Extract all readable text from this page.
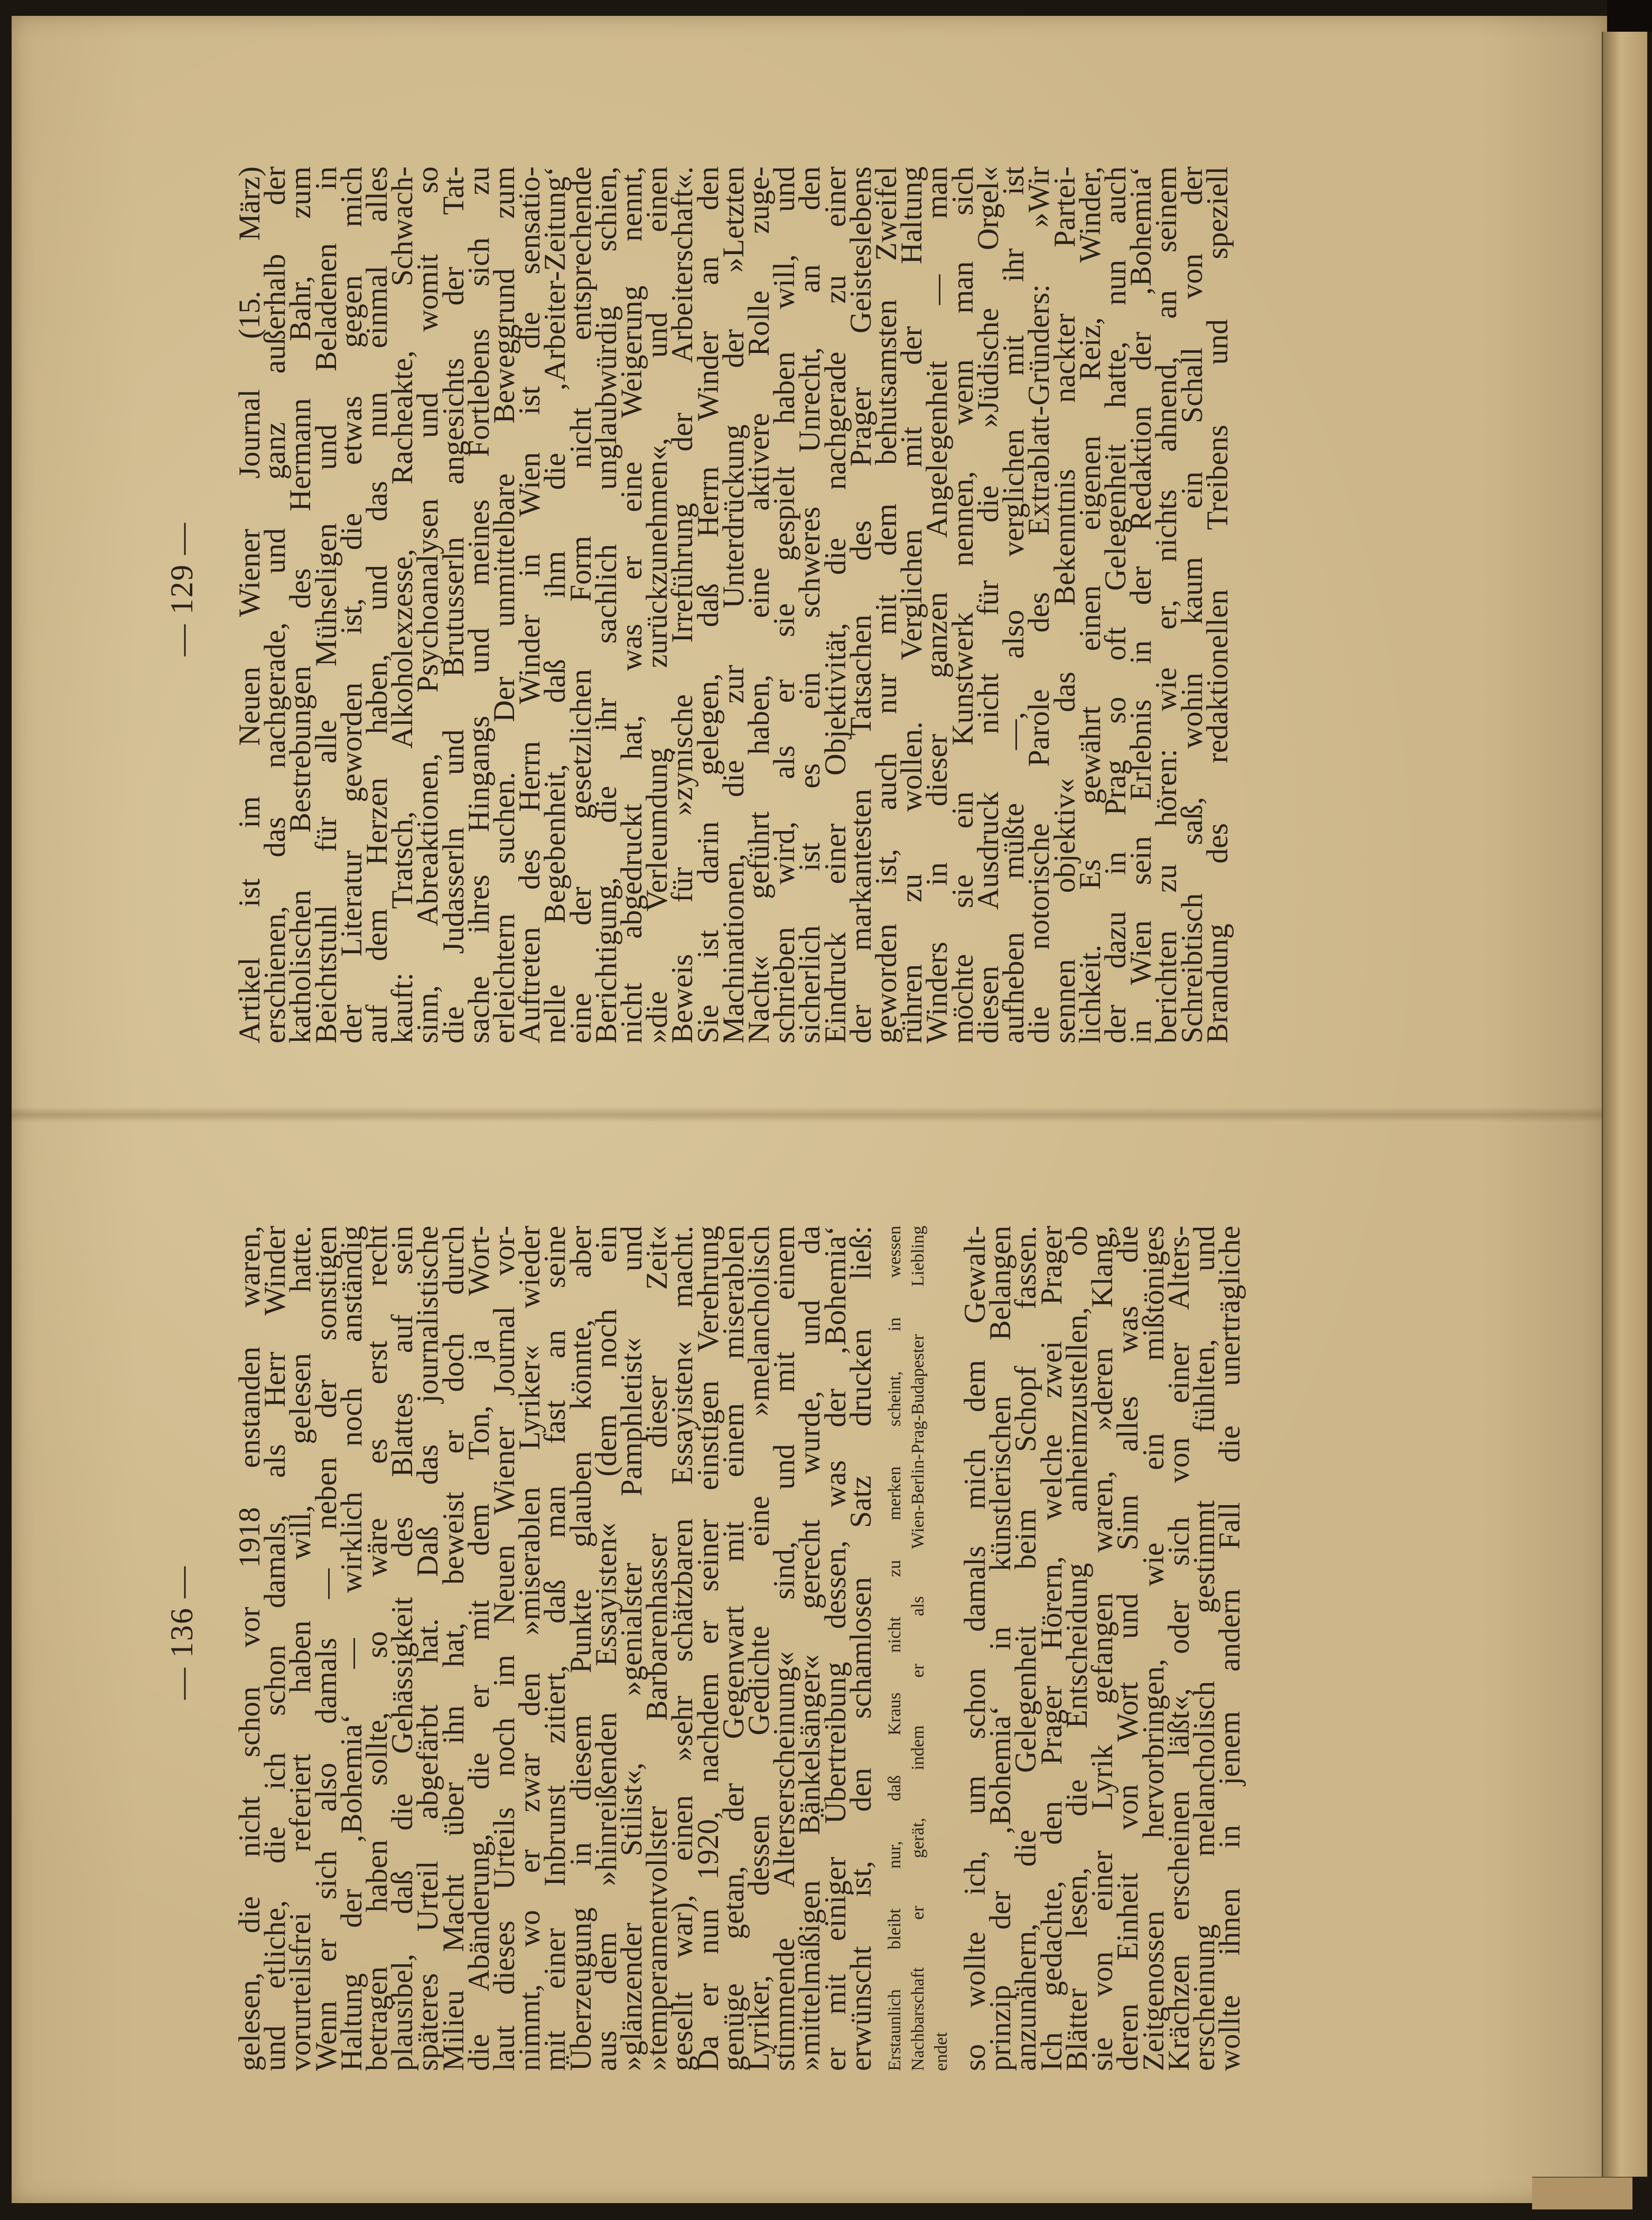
— 129 — Artikel ist im Neuen Wiener Journal (15. März)
erschienen, das nachgerade, und ganz außerhalb der
katholischen Bestrebungen des Hermann Bahr, zum
Beichtstuhl für alle Mühseligen und Beladenen in
der Literatur geworden ist, die etwas gegen mich
auf dem Herzen haben, und das nun einmal alles
kauft: Tratsch, Alkoholexzesse, Racheakte, Schwach-
sinn, Abreaktionen, Psychoanalysen und womit so
die Judasserln und Brutusserln angesichts der Tat-
sache ihres Hingangs und meines Fortlebens sich zu
erleichtern suchen. Der unmittelbare Beweggrund zum
Auftreten des Herrn Winder in Wien ist die sensatio-
nelle Begebenheit, daß ihm die ‚Arbeiter-Zeitung‘
eine der gesetzlichen Form nicht entsprechende
Berichtigung, die ihr sachlich unglaubwürdig schien,
nicht abgedruckt hat, was er eine Weigerung nennt,
»die Verleumdung zurückzunehmen«, und einen
Beweis für »zynische Irreführung der Arbeiterschaft«.
Sie ist darin gelegen, daß Herrn Winder an den
Machinationen, die zur Unterdrückung der »Letzten
Nacht« geführt haben, eine aktivere Rolle zuge-
schrieben wird, als er sie gespielt haben will, und
sicherlich ist es ein schweres Unrecht, an den
Eindruck einer Objektivität, die nachgerade zu einer
der markantesten Tatsachen des Prager Geisteslebens
geworden ist, auch nur mit dem behutsamsten Zweifel
rühren zu wollen. Verglichen mit der Haltung
Winders in dieser ganzen Angelegenheit — man
möchte sie ein Kunstwerk nennen, wenn man sich
diesen Ausdruck nicht für die »Jüdische Orgel«
aufheben müßte —, also verglichen mit ihr ist
die notorische Parole des Extrablatt-Gründers: »Wir
sennen objektiv« das Bekenntnis nackter Partei-
lichkeit. Es gewährt einen eigenen Reiz, Winder,
der dazu in Prag so oft Gelegenheit hatte, nun auch
in Wien sein Erlebnis in der Redaktion der ‚Bohemia‘
berichten zu hören: wie er, nichts ahnend, an seinem
Schreibtisch saß, wohin kaum ein Schall von der
Brandung des redaktionellen Treibens und speziell
— 136 — gelesen, die nicht schon vor 1918 enstanden waren,
und etliche, die ich schon damals, als Herr Winder
vorurteilsfrei referiert haben will, gelesen hatte.
Wenn er sich also damals — neben der sonstigen
Haltung der ‚Bohemia‘ — wirklich noch anständig
betragen haben sollte, so wäre es erst recht
plausibel, daß die Gehässigkeit des Blattes auf sein
späteres Urteil abgefärbt hat. Daß das journalistische
Milieu Macht über ihn hat, beweist er doch durch
die Abänderung, die er mit dem Ton, ja Wort-
laut dieses Urteils noch im Neuen Wiener Journal vor-
nimmt, wo er zwar den »miserablen Lyriker« wieder
mit einer Inbrunst zitiert, daß man fast an seine
Überzeugung in diesem Punkte glauben könnte, aber
aus dem »hinreißenden Essayisten« (dem noch ein
»glänzender Stilist«, »genialster Pamphletist« und
»temperamentvollster Barbarenhasser dieser Zeit«
gesellt war), einen »sehr schätzbaren Essayisten« macht.
Da er nun 1920, nachdem er seiner einstigen Verehrung
genüge getan, der Gegenwart mit einem miserablen
Lyriker, dessen Gedichte eine »melancholisch
stimmende Alterserscheinung« sind, und mit einem
»mittelmäßigen Bänkelsänger« gerecht wurde, und da
er mit einiger Übertreibung dessen, was der ‚Bohemia‘
erwünscht ist, den schamlosen Satz drucken ließ: Erstaunlich bleibt nur, daß Kraus nicht zu merken scheint, in wessen Nachbarschaft er gerät, indem er als Wien-Berlin-Prag-Budapester Liebling endet so wollte ich, um schon damals mich dem Gewalt-
prinzip der ‚Bohemia‘ in künstlerischen Belangen
anzunähern, die Gelegenheit beim Schopf fassen.
Ich gedachte, den Prager Hörern, welche zwei Prager
Blätter lesen, die Entscheidung anheimzustellen, ob
sie von einer Lyrik gefangen waren, »deren Klang,
deren Einheit von Wort und Sinn alles was die
Zeitgenossen hervorbringen, wie ein mißtöniges
Krächzen erscheinen läßt«, oder sich von einer Alters-
erscheinung melancholisch gestimmt fühlten, und
wollte ihnen in jenem andern Fall die unerträgliche
